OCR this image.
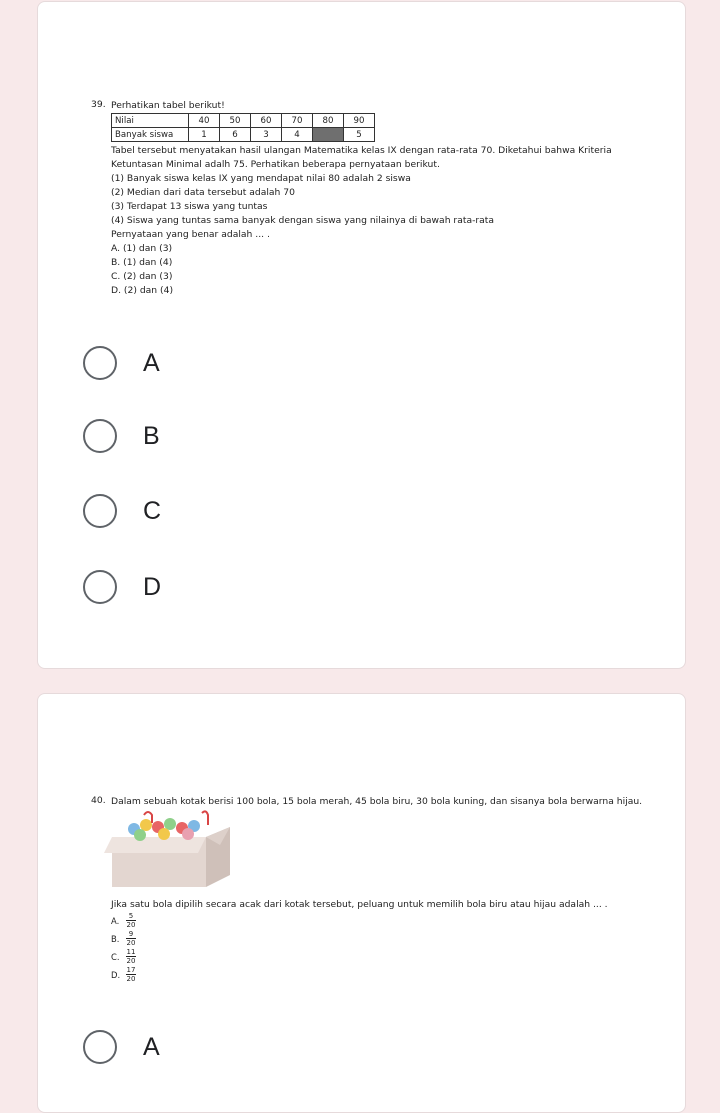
39. Perhatikan tabel berikut!
Nilai	40	50	60	70	80	90
Banyak siswa	1	6	3	4		5
Tabel tersebut menyatakan hasil ulangan Matematika kelas IX dengan rata-rata 70. Diketahui bahwa Kriteria
Ketuntasan Minimal adalh 75. Perhatikan beberapa pernyataan berikut.
(1) Banyak siswa kelas IX yang mendapat nilai 80 adalah 2 siswa
(2) Median dari data tersebut adalah 70
(3) Terdapat 13 siswa yang tuntas
(4) Siswa yang tuntas sama banyak dengan siswa yang nilainya di bawah rata-rata
Pernyataan yang benar adalah ... .
A. (1) dan (3)
B. (1) dan (4)
C. (2) dan (3)
D. (2) dan (4)
A
B
C
D
40. Dalam sebuah kotak berisi 100 bola, 15 bola merah, 45 bola biru, 30 bola kuning, dan sisanya bola berwarna hijau.
Jika satu bola dipilih secara acak dari kotak tersebut, peluang untuk memilih bola biru atau hijau adalah ... .
A. $\frac{5}{20}$
B. $\frac{9}{20}$
C. $\frac{11}{20}$
D. $\frac{17}{20}$
A
